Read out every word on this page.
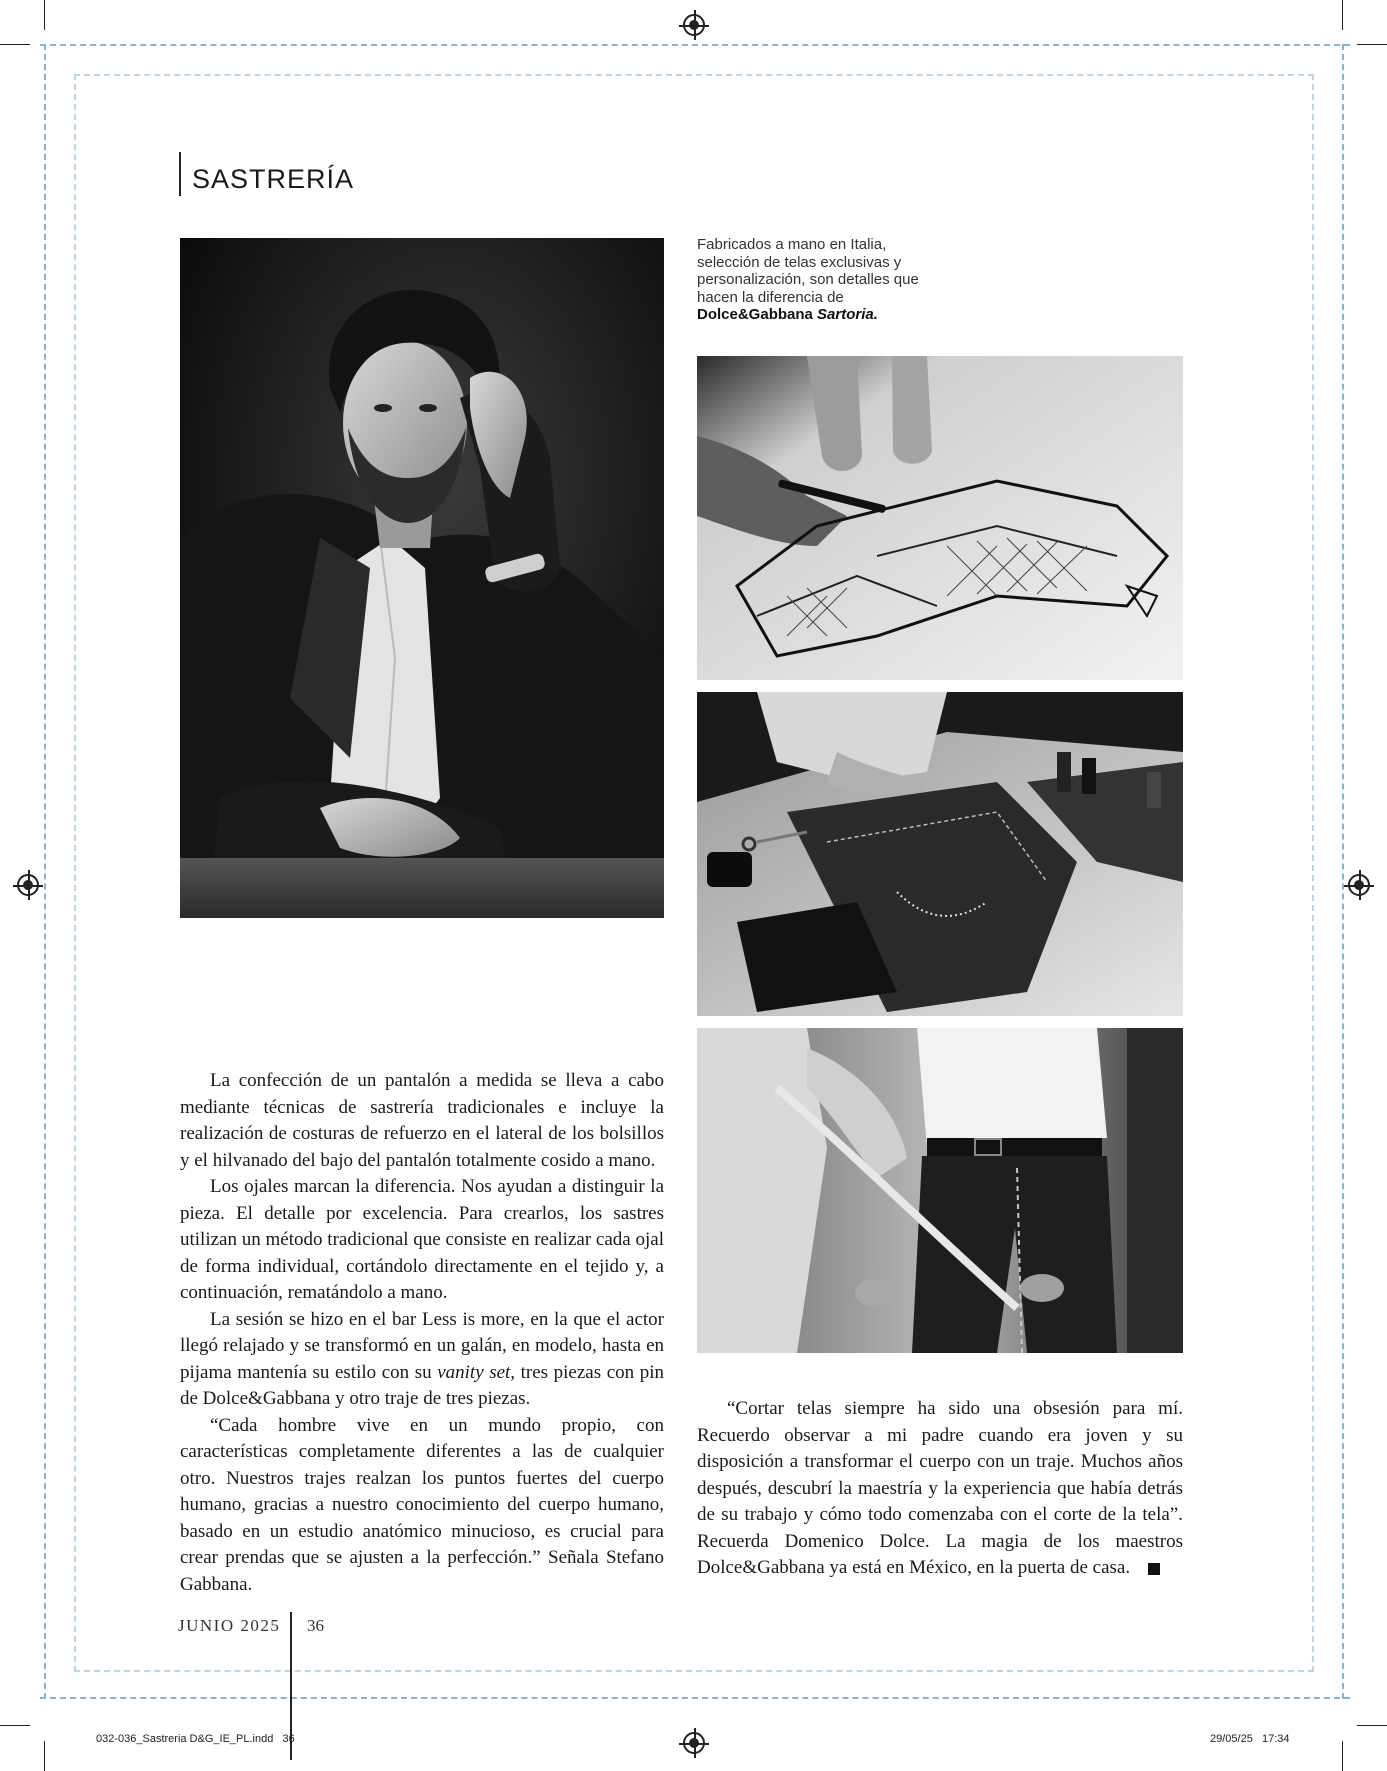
SASTRERÍA
Fabricados a mano en Italia, selección de telas exclusivas y personalización, son detalles que hacen la diferencia de Dolce&Gabbana Sartoria.

La confección de un pantalón a medida se lleva a cabo mediante técnicas de sastrería tradicionales e incluye la realización de costuras de refuerzo en el lateral de los bolsillos y el hilvanado del bajo del pantalón totalmente cosido a mano.

Los ojales marcan la diferencia. Nos ayudan a distinguir la pieza. El detalle por excelencia. Para crearlos, los sastres utilizan un método tradicional que consiste en realizar cada ojal de forma individual, cortándolo directamente en el tejido y, a continuación, rematándolo a mano.

La sesión se hizo en el bar Less is more, en la que el actor llegó relajado y se transformó en un galán, en modelo, hasta en pijama mantenía su estilo con su vanity set, tres piezas con pin de Dolce&Gabbana y otro traje de tres piezas.

“Cada hombre vive en un mundo propio, con características completamente diferentes a las de cualquier otro. Nuestros trajes realzan los puntos fuertes del cuerpo humano, gracias a nuestro conocimiento del cuerpo humano, basado en un estudio anatómico minucioso, es crucial para crear prendas que se ajusten a la perfección.” Señala Stefano Gabbana.

“Cortar telas siempre ha sido una obsesión para mí. Recuerdo observar a mi padre cuando era joven y su disposición a transformar el cuerpo con un traje. Muchos años después, descubrí la maestría y la experiencia que había detrás de su trabajo y cómo todo comenzaba con el corte de la tela”. Recuerda Domenico Dolce. La magia de los maestros Dolce&Gabbana ya está en México, en la puerta de casa.	G

JUNIO 2025 36
032-036_Sastreria D&G_IE_PL.indd   36	29/05/25   17:34
